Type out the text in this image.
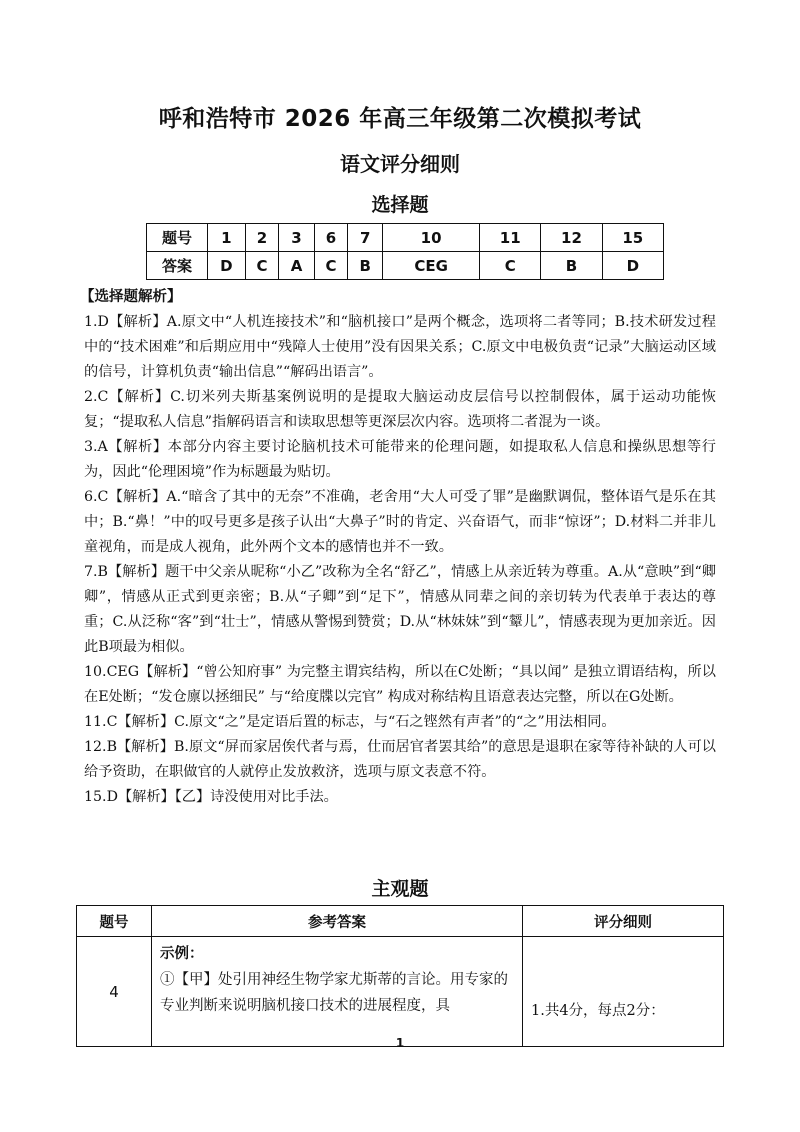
呼和浩特市 2026 年高三年级第二次模拟考试
语文评分细则
选择题
题号	1	2	3	6	7	10	11	12	15
答案	D	C	A	C	B	CEG	C	B	D
【选择题解析】

1.D【解析】A.原文中“人机连接技术”和“脑机接口”是两个概念，选项将二者等同；B.技术研发过程中的“技术困难”和后期应用中“残障人士使用”没有因果关系；C.原文中电极负责“记录”大脑运动区域的信号，计算机负责“输出信息”“解码出语言”。

2.C【解析】C.切米列夫斯基案例说明的是提取大脑运动皮层信号以控制假体，属于运动功能恢复；“提取私人信息”指解码语言和读取思想等更深层次内容。选项将二者混为一谈。

3.A【解析】本部分内容主要讨论脑机技术可能带来的伦理问题，如提取私人信息和操纵思想等行为，因此“伦理困境”作为标题最为贴切。

6.C【解析】A.“暗含了其中的无奈”不准确，老舍用“大人可受了罪”是幽默调侃，整体语气是乐在其中；B.“鼻！”中的叹号更多是孩子认出“大鼻子”时的肯定、兴奋语气，而非“惊讶”；D.材料二并非儿童视角，而是成人视角，此外两个文本的感情也并不一致。

7.B【解析】题干中父亲从昵称“小乙”改称为全名“舒乙”，情感上从亲近转为尊重。A.从“意映”到“卿卿”，情感从正式到更亲密；B.从“子卿”到“足下”，情感从同辈之间的亲切转为代表单于表达的尊重；C.从泛称“客”到“壮士”，情感从警惕到赞赏；D.从“林妹妹”到“颦儿”，情感表现为更加亲近。因此B项最为相似。

10.CEG【解析】“曾公知府事” 为完整主谓宾结构，所以在C处断；“具以闻” 是独立谓语结构，所以在E处断；“发仓廪以拯细民” 与“给度牒以完官” 构成对称结构且语意表达完整，所以在G处断。

11.C【解析】C.原文“之”是定语后置的标志，与“石之铿然有声者”的“之”用法相同。

12.B【解析】B.原文“屏而家居俟代者与焉，仕而居官者罢其给”的意思是退职在家等待补缺的人可以给予资助，在职做官的人就停止发放救济，选项与原文表意不符。

15.D【解析】【乙】诗没使用对比手法。

主观题
题号	参考答案	评分细则
4	示例：
①【甲】处引用神经生物学家尤斯蒂的言论。用专家的专业判断来说明脑机接口技术的进展程度，具	1.共4分，每点2分：
1
